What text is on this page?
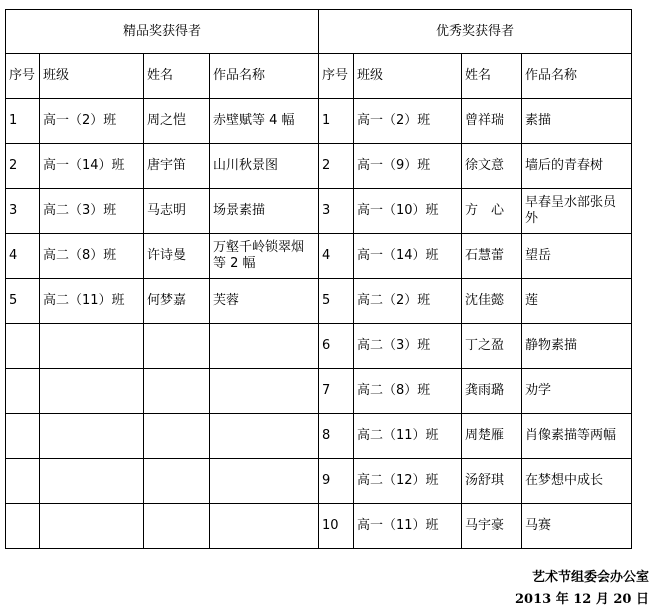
精品奖获得者				优秀奖获得者			
序号	班级	姓名	作品名称	序号	班级	姓名	作品名称
1	高一（2）班	周之恺	赤壁赋等 4 幅	1	高一（2）班	曾祥瑞	素描
2	高一（14）班	唐宇笛	山川秋景图	2	高一（9）班	徐文意	墙后的青春树
3	高二（3）班	马志明	场景素描	3	高一（10）班	方　心	早春呈水部张员外
4	高二（8）班	许诗曼	万壑千岭锁翠烟等 2 幅	4	高一（14）班	石慧蕾	望岳
5	高二（11）班	何梦嘉	芙蓉	5	高二（2）班	沈佳懿	莲
				6	高二（3）班	丁之盈	静物素描
				7	高二（8）班	龚雨璐	劝学
				8	高二（11）班	周楚雁	肖像素描等两幅
				9	高二（12）班	汤舒琪	在梦想中成长
				10	高一（11）班	马宇豪	马赛
艺术节组委会办公室
2013 年 12 月 20 日
